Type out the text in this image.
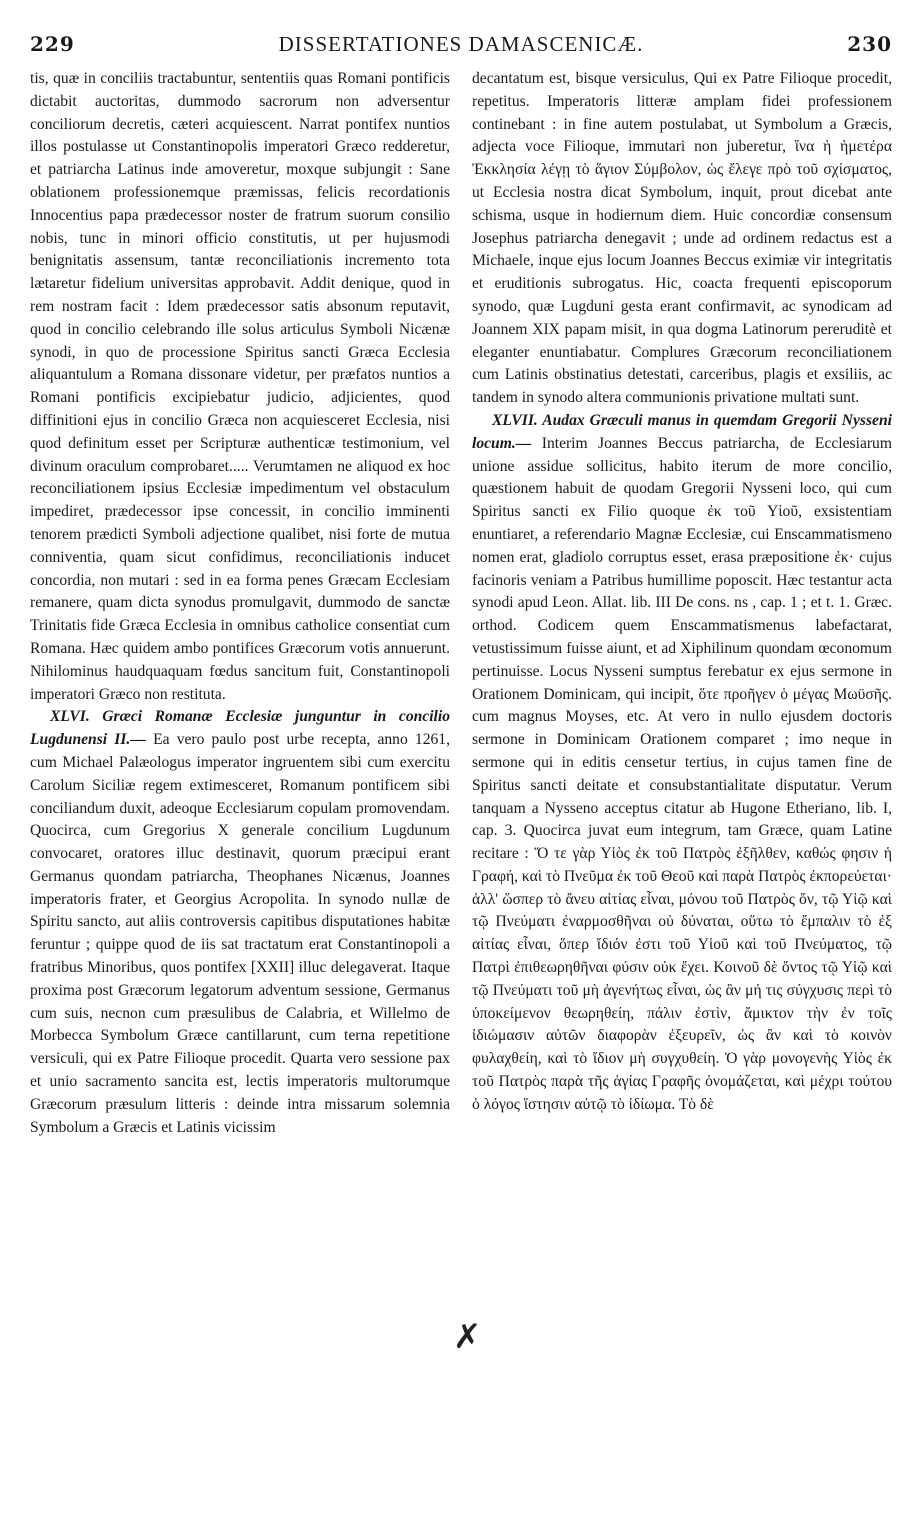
229	DISSERTATIONES DAMASCENICÆ.	230

tis, quæ in conciliis tractabuntur, sententiis quas Romani pontificis dictabit auctoritas, dummodo sacrorum non adversentur conciliorum decretis, cæteri acquiescent. Narrat pontifex nuntios illos postulasse ut Constantinopolis imperatori Græco redderetur, et patriarcha Latinus inde amoveretur, moxque subjungit : Sane oblationem professionemque præmissas, felicis recordationis Innocentius papa prædecessor noster de fratrum suorum consilio nobis, tunc in minori officio constitutis, ut per hujusmodi benignitatis assensum, tantæ reconciliationis incremento tota lætaretur fidelium universitas approbavit. Addit denique, quod in rem nostram facit : Idem prædecessor satis absonum reputavit, quod in concilio celebrando ille solus articulus Symboli Nicænæ synodi, in quo de processione Spiritus sancti Græca Ecclesia aliquantulum a Romana dissonare videtur, per præfatos nuntios a Romani pontificis excipiebatur judicio, adjicientes, quod diffinitioni ejus in concilio Græca non acquiesceret Ecclesia, nisi quod definitum esset per Scripturæ authenticæ testimonium, vel divinum oraculum comprobaret..... Verumtamen ne aliquod ex hoc reconciliationem ipsius Ecclesiæ impedimentum vel obstaculum impediret, prædecessor ipse concessit, in concilio imminenti tenorem prædicti Symboli adjectione qualibet, nisi forte de mutua conniventia, quam sicut confidimus, reconciliationis inducet concordia, non mutari : sed in ea forma penes Græcam Ecclesiam remanere, quam dicta synodus promulgavit, dummodo de sanctæ Trinitatis fide Græca Ecclesia in omnibus catholice consentiat cum Romana. Hæc quidem ambo pontifices Græcorum votis annuerunt. Nihilominus haudquaquam fœdus sancitum fuit, Constantinopoli imperatori Græco non restituta.

XLVI. Græci Romanæ Ecclesiæ junguntur in concilio Lugdunensi II.— Ea vero paulo post urbe recepta, anno 1261, cum Michael Palæologus imperator ingruentem sibi cum exercitu Carolum Siciliæ regem extimesceret, Romanum pontificem sibi conciliandum duxit, adeoque Ecclesiarum copulam promovendam. Quocirca, cum Gregorius X generale concilium Lugdunum convocaret, oratores illuc destinavit, quorum præcipui erant Germanus quondam patriarcha, Theophanes Nicænus, Joannes imperatoris frater, et Georgius Acropolita. In synodo nullæ de Spiritu sancto, aut aliis controversis capitibus disputationes habitæ feruntur ; quippe quod de iis sat tractatum erat Constantinopoli a fratribus Minoribus, quos pontifex [XXII] illuc delegaverat. Itaque proxima post Græcorum legatorum adventum sessione, Germanus cum suis, necnon cum præsulibus de Calabria, et Willelmo de Morbecca Symbolum Græce cantillarunt, cum terna repetitione versiculi, qui ex Patre Filioque procedit. Quarta vero sessione pax et unio sacramento sancita est, lectis imperatoris multorumque Græcorum præsulum litteris : deinde intra missarum solemnia Symbolum a Græcis et Latinis vicissim

decantatum est, bisque versiculus, Qui ex Patre Filioque procedit, repetitus. Imperatoris litteræ amplam fidei professionem continebant : in fine autem postulabat, ut Symbolum a Græcis, adjecta voce Filioque, immutari non juberetur, ἵνα ἡ ἡμετέρα Ἐκκλησία λέγῃ τὸ ἅγιον Σύμβολον, ὡς ἔλεγε πρὸ τοῦ σχίσματος, ut Ecclesia nostra dicat Symbolum, inquit, prout dicebat ante schisma, usque in hodiernum diem. Huic concordiæ consensum Josephus patriarcha denegavit ; unde ad ordinem redactus est a Michaele, inque ejus locum Joannes Beccus eximiæ vir integritatis et eruditionis subrogatus. Hic, coacta frequenti episcoporum synodo, quæ Lugduni gesta erant confirmavit, ac synodicam ad Joannem XIX papam misit, in qua dogma Latinorum pereruditè et eleganter enuntiabatur. Complures Græcorum reconciliationem cum Latinis obstinatius detestati, carceribus, plagis et exsiliis, ac tandem in synodo altera communionis privatione multati sunt.

XLVII. Audax Græculi manus in quemdam Gregorii Nysseni locum.— Interim Joannes Beccus patriarcha, de Ecclesiarum unione assidue sollicitus, habito iterum de more concilio, quæstionem habuit de quodam Gregorii Nysseni loco, qui cum Spiritus sancti ex Filio quoque ἐκ τοῦ Υἱοῦ, exsistentiam enuntiaret, a referendario Magnæ Ecclesiæ, cui Enscammatismeno nomen erat, gladiolo corruptus esset, erasa præpositione ἐκ· cujus facinoris veniam a Patribus humillime poposcit. Hæc testantur acta synodi apud Leon. Allat. lib. III De cons. ns , cap. 1 ; et t. 1. Græc. orthod. Codicem quem Enscammatismenus labefactarat, vetustissimum fuisse aiunt, et ad Xiphilinum quondam œconomum pertinuisse. Locus Nysseni sumptus ferebatur ex ejus sermone in Orationem Dominicam, qui incipit, ὅτε προῆγεν ὁ μέγας Μωϋσῆς. cum magnus Moyses, etc. At vero in nullo ejusdem doctoris sermone in Dominicam Orationem comparet ; imo neque in sermone qui in editis censetur tertius, in cujus tamen fine de Spiritus sancti deitate et consubstantialitate disputatur. Verum tanquam a Nysseno acceptus citatur ab Hugone Etheriano, lib. I, cap. 3. Quocirca juvat eum integrum, tam Græce, quam Latine recitare : Ὅ τε γὰρ Υἱὸς ἐκ τοῦ Πατρὸς ἐξῆλθεν, καθώς φησιν ἡ Γραφή, καὶ τὸ Πνεῦμα ἐκ τοῦ Θεοῦ καὶ παρὰ Πατρὸς ἐκπορεύεται· ἀλλ' ὥσπερ τὸ ἄνευ αἰτίας εἶναι, μόνου τοῦ Πατρὸς ὄν, τῷ Υἱῷ καὶ τῷ Πνεύματι ἐναρμοσθῆναι οὐ δύναται, οὕτω τὸ ἔμπαλιν τὸ ἐξ αἰτίας εἶναι, ὅπερ ἴδιόν ἐστι τοῦ Υἱοῦ καὶ τοῦ Πνεύματος, τῷ Πατρὶ ἐπιθεωρηθῆναι φύσιν οὐκ ἔχει. Κοινοῦ δὲ ὄντος τῷ Υἱῷ καὶ τῷ Πνεύματι τοῦ μὴ ἀγενήτως εἶναι, ὡς ἂν μή τις σύγχυσις περὶ τὸ ὑποκείμενον θεωρηθείη, πάλιν ἐστὶν, ἄμικτον τὴν ἐν τοῖς ἰδιώμασιν αὐτῶν διαφορὰν ἐξευρεῖν, ὡς ἂν καὶ τὸ κοινὸν φυλαχθείη, καὶ τὸ ἴδιον μὴ συγχυθείη. Ὁ γὰρ μονογενὴς Υἱὸς ἐκ τοῦ Πατρὸς παρὰ τῆς ἁγίας Γραφῆς ὀνομάζεται, καὶ μέχρι τούτου ὁ λόγος ἵστησιν αὐτῷ τὸ ἰδίωμα. Τὸ δὲ

✗
